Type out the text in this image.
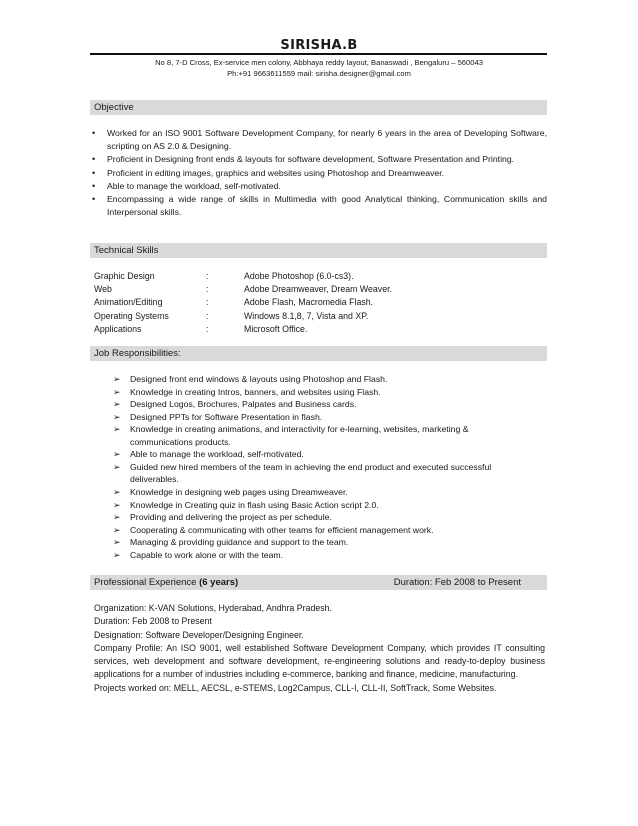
SIRISHA.B
No 8, 7-D Cross, Ex-service men colony, Abbhaya reddy layout, Banaswadi , Bengaluru – 560043
Ph:+91 9663611559 mail: sirisha.designer@gmail.com
Objective
• Worked for an ISO 9001 Software Development Company, for nearly 6 years in the area of Developing Software, scripting on AS 2.0 & Designing.
• Proficient in Designing front ends & layouts for software development, Software Presentation and Printing.
• Proficient in editing images, graphics and websites using Photoshop and Dreamweaver.
• Able to manage the workload, self-motivated.
• Encompassing a wide range of skills in Multimedia with good Analytical thinking, Communication skills and Interpersonal skills.
Technical Skills
Graphic Design	:	Adobe Photoshop (6.0-cs3).
Web	:	Adobe Dreamweaver, Dream Weaver.
Animation/Editing	:	Adobe Flash, Macromedia Flash.
Operating Systems	:	Windows 8.1,8, 7, Vista and XP.
Applications	:	Microsoft Office.
Job Responsibilities:
➢ Designed front end windows & layouts using Photoshop and Flash.
➢ Knowledge in creating Intros, banners, and websites using Flash.
➢ Designed Logos, Brochures, Palpates and Business cards.
➢ Designed PPTs for Software Presentation in flash.
➢ Knowledge in creating animations, and interactivity for e-learning, websites, marketing & communications products.
➢ Able to manage the workload, self-motivated.
➢ Guided new hired members of the team in achieving the end product and executed successful deliverables.
➢ Knowledge in designing web pages using Dreamweaver.
➢ Knowledge in Creating quiz in flash using Basic Action script 2.0.
➢ Providing and delivering the project as per schedule.
➢ Cooperating & communicating with other teams for efficient management work.
➢ Managing & providing guidance and support to the team.
➢ Capable to work alone or with the team.
Professional Experience (6 years)	Duration: Feb 2008 to Present

Organization: K-VAN Solutions, Hyderabad, Andhra Pradesh.

Duration: Feb 2008 to Present

Designation: Software Developer/Designing Engineer.

Company Profile: An ISO 9001, well established Software Development Company, which provides IT consulting services, web development and software development, re-engineering solutions and ready-to-deploy business applications for a number of industries including e-commerce, banking and finance, medicine, manufacturing.

Projects worked on: MELL, AECSL, e-STEMS, Log2Campus, CLL-I, CLL-II, SoftTrack, Some Websites.
